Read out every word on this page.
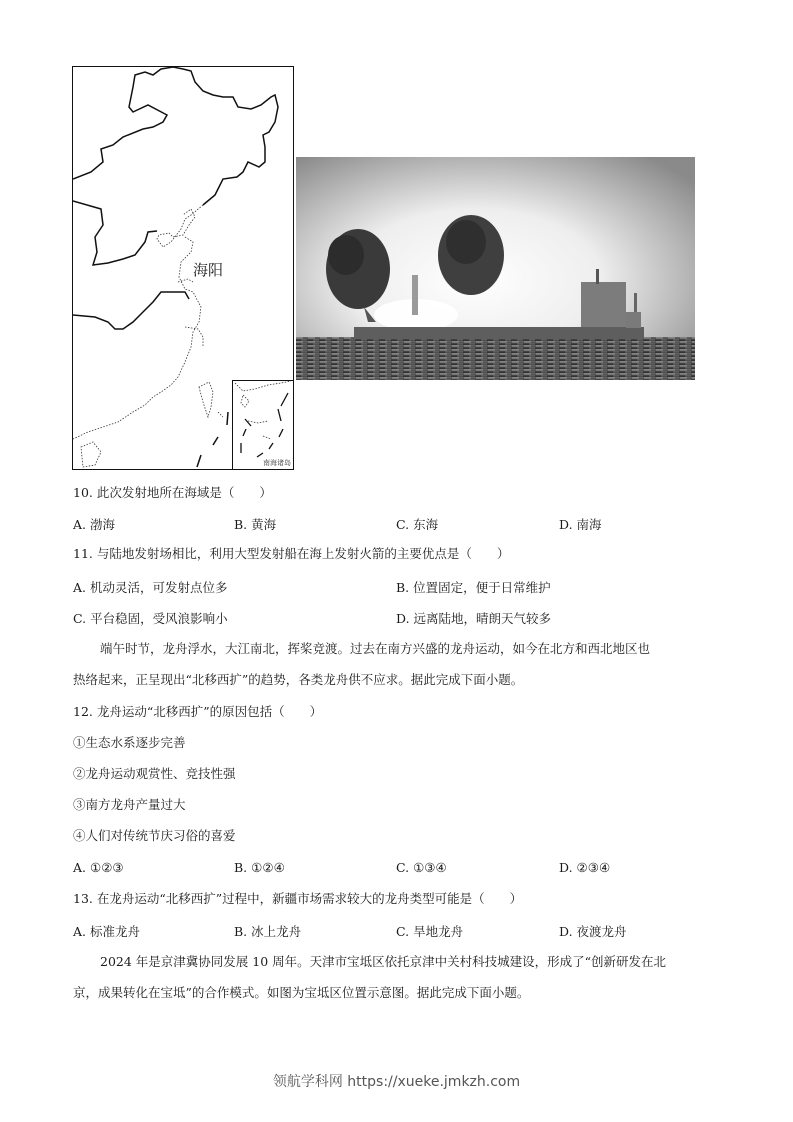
海阳
南海诸岛
10. 此次发射地所在海域是（　　）
A. 渤海	B. 黄海	C. 东海	D. 南海
11. 与陆地发射场相比，利用大型发射船在海上发射火箭的主要优点是（　　）
A. 机动灵活，可发射点位多	B. 位置固定，便于日常维护
C. 平台稳固，受风浪影响小	D. 远离陆地，晴朗天气较多
端午时节，龙舟浮水，大江南北，挥桨竞渡。过去在南方兴盛的龙舟运动，如今在北方和西北地区也
热络起来，正呈现出“北移西扩”的趋势，各类龙舟供不应求。据此完成下面小题。
12. 龙舟运动“北移西扩”的原因包括（　　）
①生态水系逐步完善
②龙舟运动观赏性、竞技性强
③南方龙舟产量过大
④人们对传统节庆习俗的喜爱
A. ①②③	B. ①②④	C. ①③④	D. ②③④
13. 在龙舟运动“北移西扩”过程中，新疆市场需求较大的龙舟类型可能是（　　）
A. 标准龙舟	B. 冰上龙舟	C. 旱地龙舟	D. 夜渡龙舟
2024 年是京津冀协同发展 10 周年。天津市宝坻区依托京津中关村科技城建设，形成了“创新研发在北
京，成果转化在宝坻”的合作模式。如图为宝坻区位置示意图。据此完成下面小题。
领航学科网 https://xueke.jmkzh.com
